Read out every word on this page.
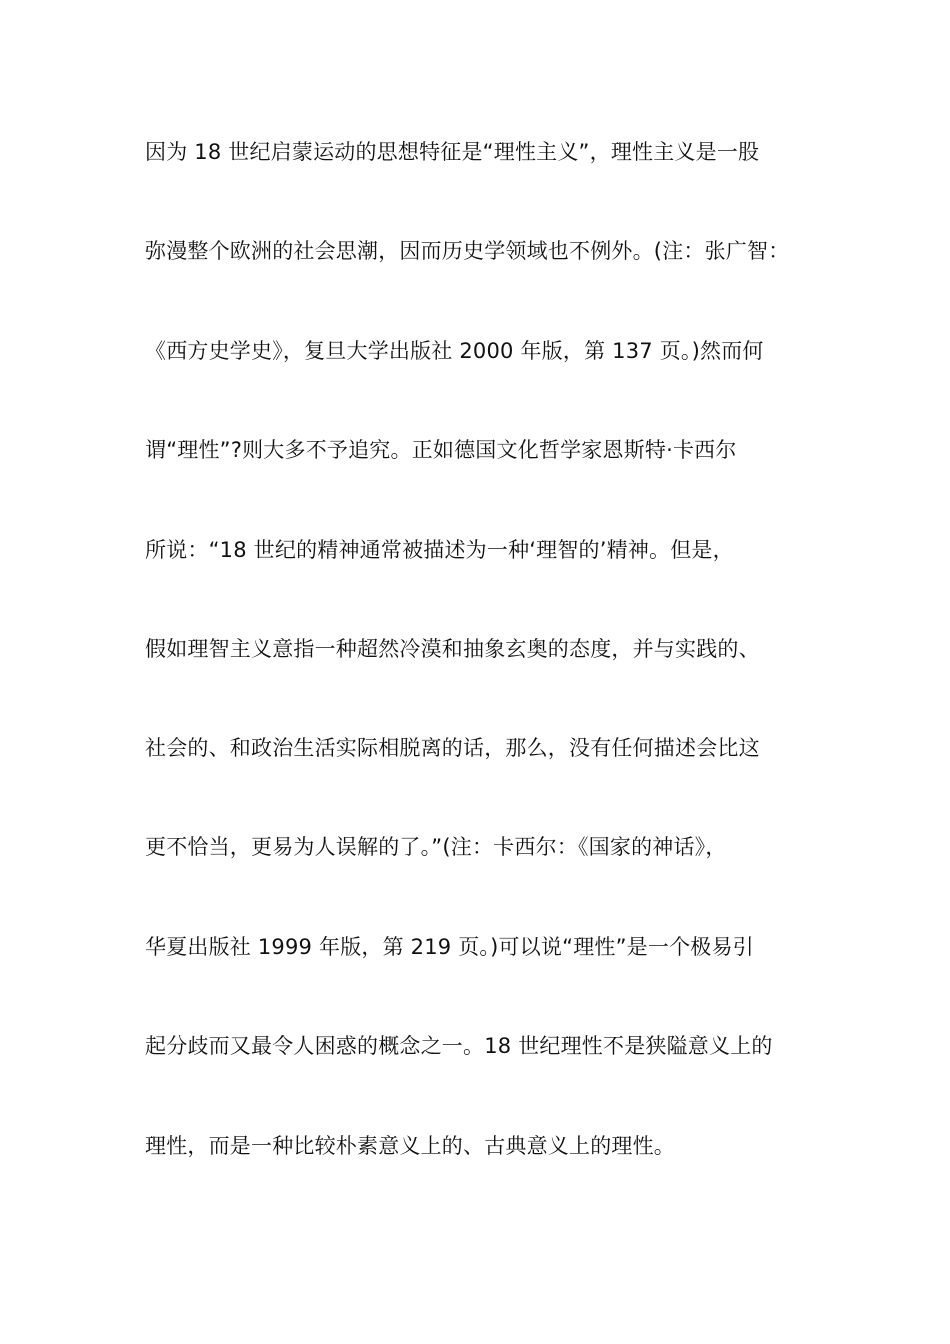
因为 18 世纪启蒙运动的思想特征是“理性主义”，理性主义是一股
弥漫整个欧洲的社会思潮，因而历史学领域也不例外。(注：张广智：
《西方史学史》，复旦大学出版社 2000 年版，第 137 页。)然而何
谓“理性”?则大多不予追究。正如德国文化哲学家恩斯特·卡西尔
所说：“18 世纪的精神通常被描述为一种‘理智的’精神。但是，
假如理智主义意指一种超然冷漠和抽象玄奥的态度，并与实践的、
社会的、和政治生活实际相脱离的话，那么，没有任何描述会比这
更不恰当，更易为人误解的了。”(注：卡西尔：《国家的神话》，
华夏出版社 1999 年版，第 219 页。)可以说“理性”是一个极易引
起分歧而又最令人困惑的概念之一。18 世纪理性不是狭隘意义上的
理性，而是一种比较朴素意义上的、古典意义上的理性。
